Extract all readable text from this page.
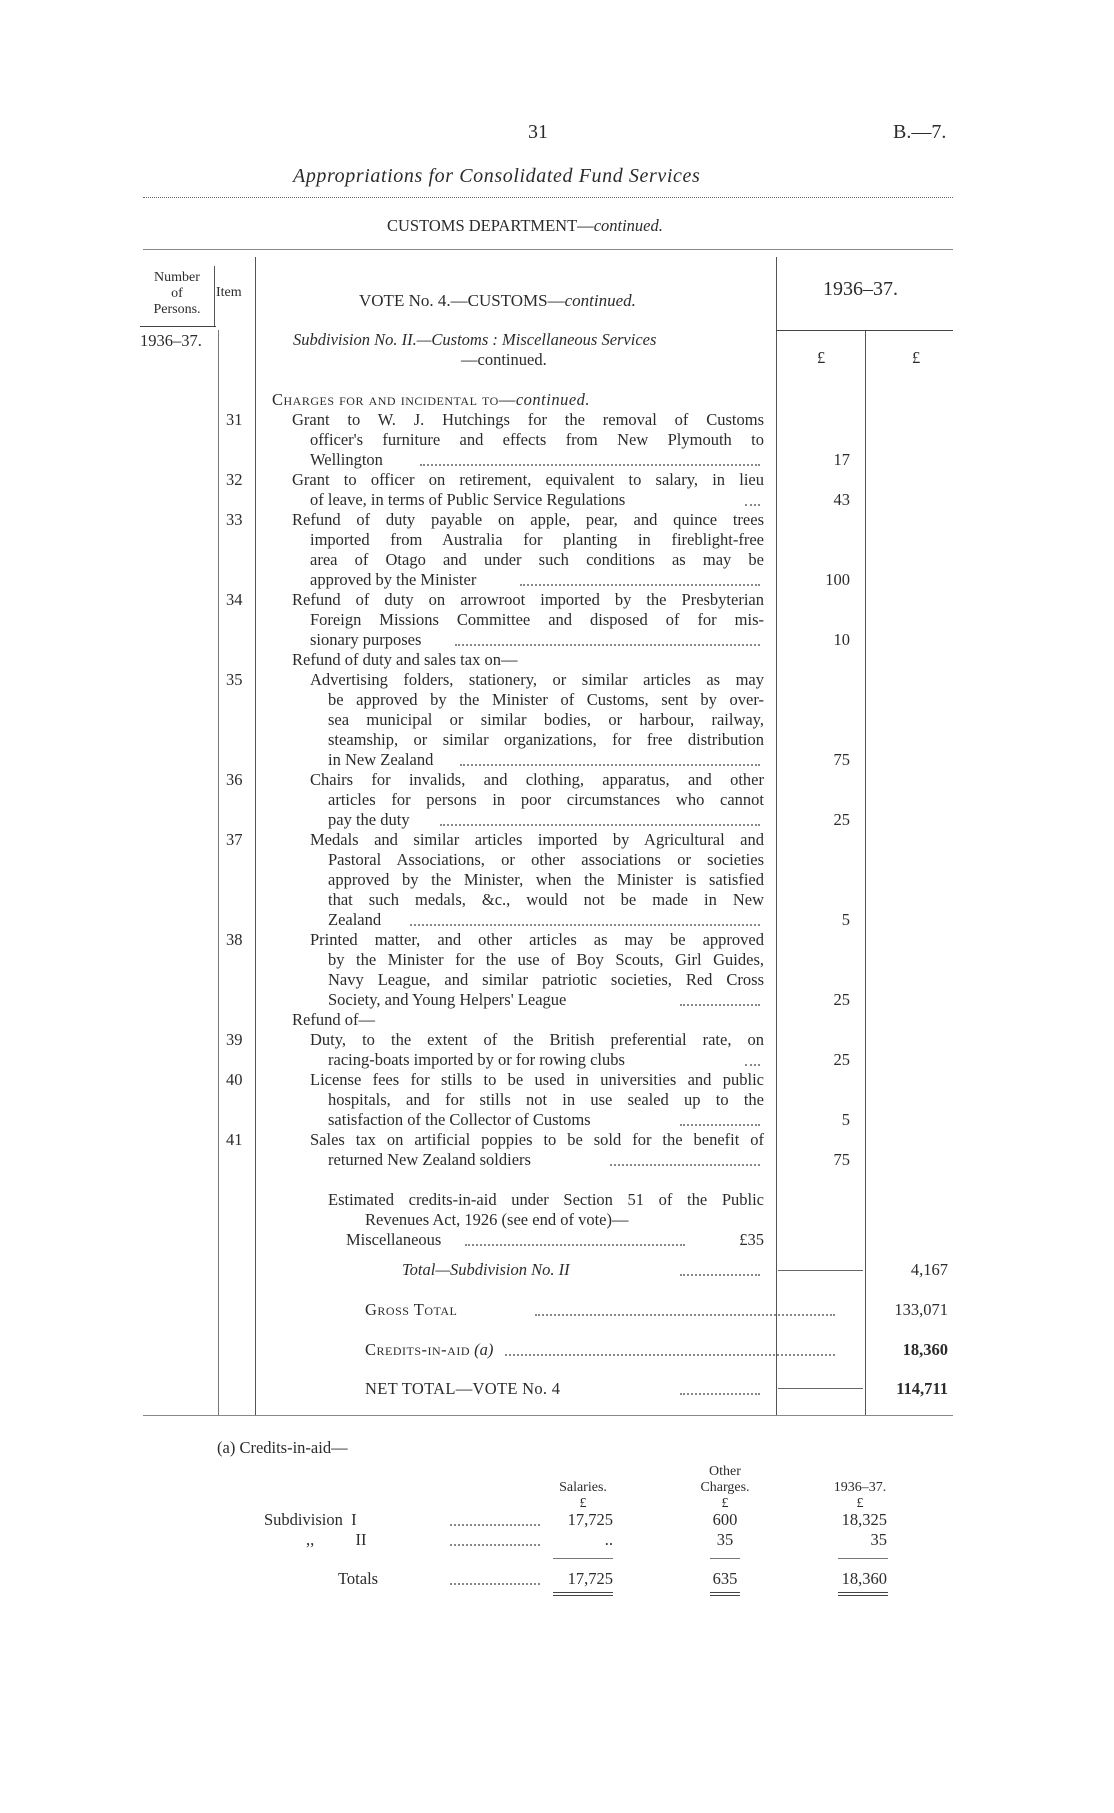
31	B.—7.
Appropriations for Consolidated Fund Services
CUSTOMS DEPARTMENT—continued.
Number
of
Persons.
Item	VOTE No. 4.—CUSTOMS—continued.
1936–37.
1936–37.	Subdivision No. II.—Customs : Miscellaneous Services
—continued.	£	£
Charges for and incidental to—continued.
31	Grant to W. J. Hutchings for the removal of Customs
officer's furniture and effects from New Plymouth to
Wellington	17
32	Grant to officer on retirement, equivalent to salary, in lieu
of leave, in terms of Public Service Regulations	43
33	Refund of duty payable on apple, pear, and quince trees
imported from Australia for planting in fireblight-free
area of Otago and under such conditions as may be
approved by the Minister	100
34	Refund of duty on arrowroot imported by the Presbyterian
Foreign Missions Committee and disposed of for mis-
sionary purposes	10
Refund of duty and sales tax on—
35	Advertising folders, stationery, or similar articles as may
be approved by the Minister of Customs, sent by over-
sea municipal or similar bodies, or harbour, railway,
steamship, or similar organizations, for free distribution
in New Zealand	75
36	Chairs for invalids, and clothing, apparatus, and other
articles for persons in poor circumstances who cannot
pay the duty	25
37	Medals and similar articles imported by Agricultural and
Pastoral Associations, or other associations or societies
approved by the Minister, when the Minister is satisfied
that such medals, &c., would not be made in New
Zealand	5
38	Printed matter, and other articles as may be approved
by the Minister for the use of Boy Scouts, Girl Guides,
Navy League, and similar patriotic societies, Red Cross
Society, and Young Helpers' League	25
Refund of—
39	Duty, to the extent of the British preferential rate, on
racing-boats imported by or for rowing clubs	25
40	License fees for stills to be used in universities and public
hospitals, and for stills not in use sealed up to the
satisfaction of the Collector of Customs	5
41	Sales tax on artificial poppies to be sold for the benefit of
returned New Zealand soldiers	75
Estimated credits-in-aid under Section 51 of the Public
Revenues Act, 1926 (see end of vote)—
Miscellaneous	£35
Total—Subdivision No. II	4,167
Gross Total	133,071
Credits-in-aid (a)	18,360
NET TOTAL—VOTE No. 4	114,711
(a) Credits-in-aid—
Other
Salaries.	Charges.	1936–37.
£	£	£
Subdivision  I	17,725	600	18,325
,,          II	..	35	35
Totals	17,725	635	18,360
